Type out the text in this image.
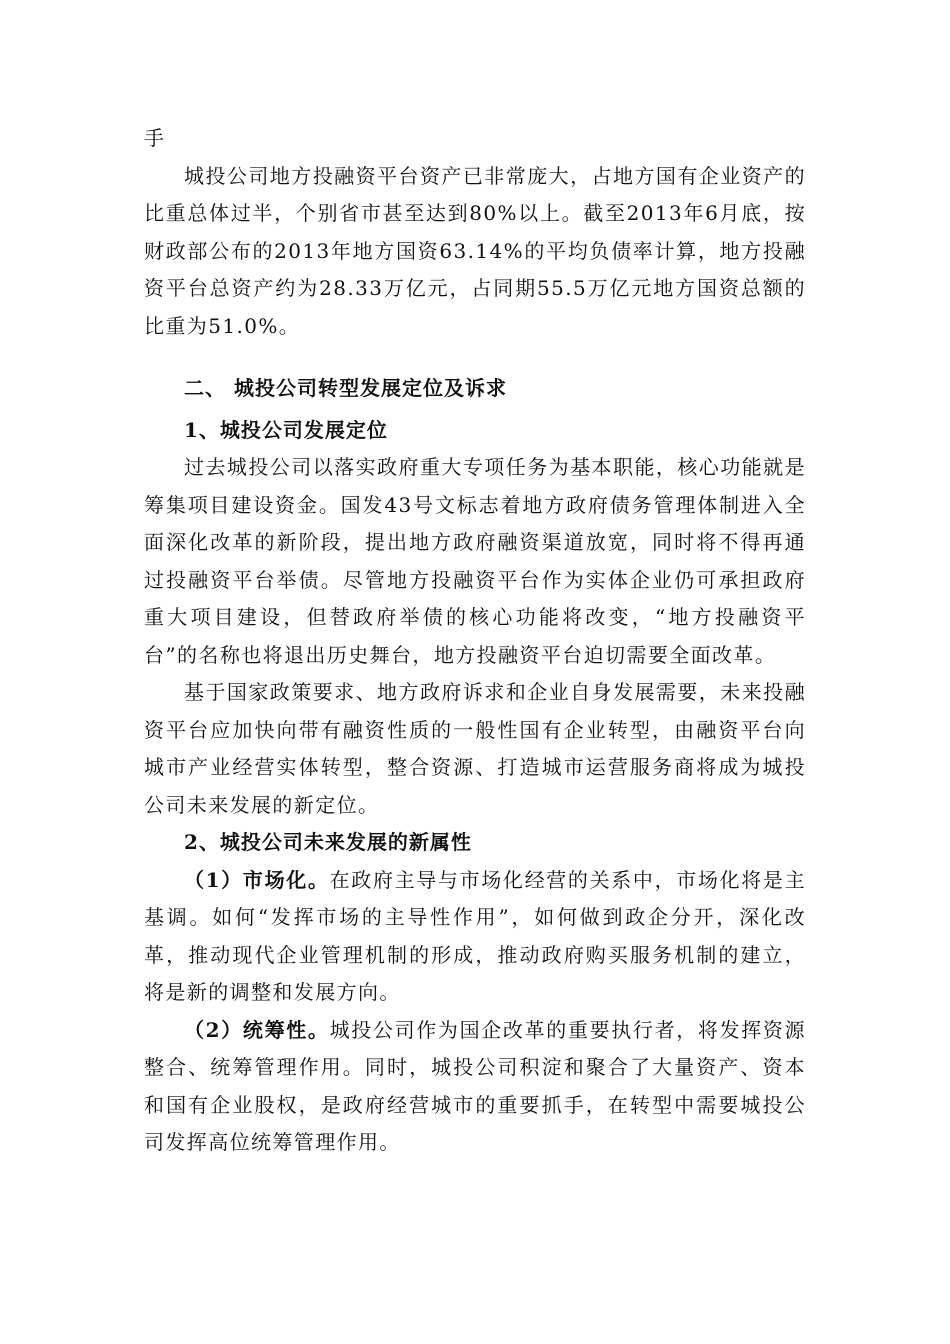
手

城投公司地方投融资平台资产已非常庞大，占地方国有企业资产的比重总体过半，个别省市甚至达到80%以上。截至2013年6月底，按财政部公布的2013年地方国资63.14%的平均负债率计算，地方投融资平台总资产约为28.33万亿元，占同期55.5万亿元地方国资总额的比重为51.0%。

二、 城投公司转型发展定位及诉求
1、城投公司发展定位

过去城投公司以落实政府重大专项任务为基本职能，核心功能就是筹集项目建设资金。国发43号文标志着地方政府债务管理体制进入全面深化改革的新阶段，提出地方政府融资渠道放宽，同时将不得再通过投融资平台举债。尽管地方投融资平台作为实体企业仍可承担政府重大项目建设，但替政府举债的核心功能将改变，“地方投融资平台”的名称也将退出历史舞台，地方投融资平台迫切需要全面改革。

基于国家政策要求、地方政府诉求和企业自身发展需要，未来投融资平台应加快向带有融资性质的一般性国有企业转型，由融资平台向城市产业经营实体转型，整合资源、打造城市运营服务商将成为城投公司未来发展的新定位。

2、城投公司未来发展的新属性

（1）市场化。在政府主导与市场化经营的关系中，市场化将是主基调。如何“发挥市场的主导性作用”，如何做到政企分开，深化改革，推动现代企业管理机制的形成，推动政府购买服务机制的建立，将是新的调整和发展方向。

（2）统筹性。城投公司作为国企改革的重要执行者，将发挥资源整合、统筹管理作用。同时，城投公司积淀和聚合了大量资产、资本和国有企业股权，是政府经营城市的重要抓手，在转型中需要城投公司发挥高位统筹管理作用。
